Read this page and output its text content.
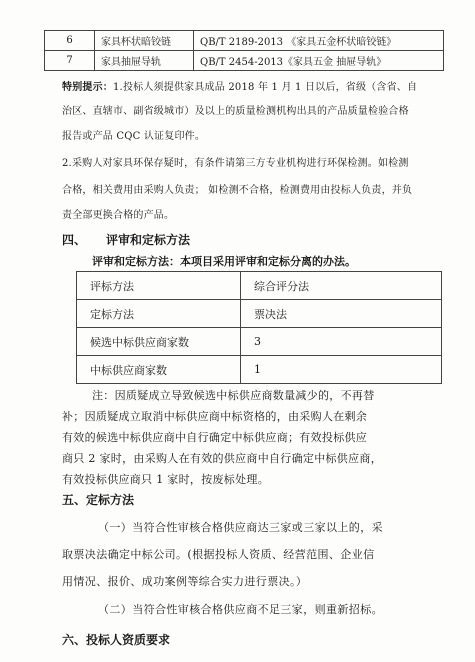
6	家具杯状暗铰链	QB/T 2189-2013 《家具五金杯状暗铰链》
7	家具抽屉导轨	QB/T 2454-2013《家具五金 抽屉导轨》
特别提示：1.投标人须提供家具成品 2018 年 1 月 1 日以后，省级（含省、自
治区、直辖市、副省级城市）及以上的质量检测机构出具的产品质量检验合格
报告或产品 CQC 认证复印件。
2.采购人对家具环保存疑时，有条件请第三方专业机构进行环保检测。如检测
合格，相关费用由采购人负责； 如检测不合格，检测费用由投标人负责，并负
责全部更换合格的产品。
四、 评审和定标方法
评审和定标方法：本项目采用评审和定标分离的办法。
评标方法	综合评分法
定标方法	票决法
候选中标供应商家数	3
中标供应商家数	1
注：因质疑成立导致候选中标供应商数量减少的，不再替
补；因质疑成立取消中标供应商中标资格的，由采购人在剩余
有效的候选中标供应商中自行确定中标供应商；有效投标供应
商只 2 家时，由采购人在有效的供应商中自行确定中标供应商，
有效投标供应商只 1 家时，按废标处理。
五、定标方法
（一）当符合性审核合格供应商达三家或三家以上的，采
取票决法确定中标公司。(根据投标人资质、经营范围、企业信
用情况、报价、成功案例等综合实力进行票决。）
（二）当符合性审核合格供应商不足三家，则重新招标。
六、投标人资质要求
